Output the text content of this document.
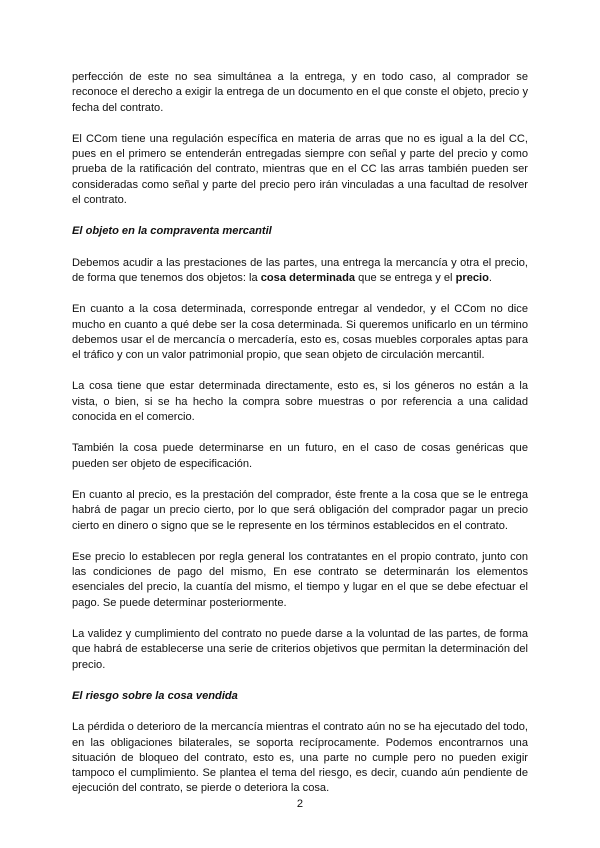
perfección de este no sea simultánea a la entrega, y en todo caso, al comprador se reconoce el derecho a exigir la entrega de un documento en el que conste el objeto, precio y fecha del contrato.

El CCom tiene una regulación específica en materia de arras que no es igual a la del CC, pues en el primero se entenderán entregadas siempre con señal y parte del precio y como prueba de la ratificación del contrato, mientras que en el CC las arras también pueden ser consideradas como señal y parte del precio pero irán vinculadas a una facultad de resolver el contrato.

El objeto en la compraventa mercantil

Debemos acudir a las prestaciones de las partes, una entrega la mercancía y otra el precio, de forma que tenemos dos objetos: la cosa determinada que se entrega y el precio.

En cuanto a la cosa determinada, corresponde entregar al vendedor, y el CCom no dice mucho en cuanto a qué debe ser la cosa determinada. Si queremos unificarlo en un término debemos usar el de mercancía o mercadería, esto es, cosas muebles corporales aptas para el tráfico y con un valor patrimonial propio, que sean objeto de circulación mercantil.

La cosa tiene que estar determinada directamente, esto es, si los géneros no están a la vista, o bien, si se ha hecho la compra sobre muestras o por referencia a una calidad conocida en el comercio.

También la cosa puede determinarse en un futuro, en el caso de cosas genéricas que pueden ser objeto de especificación.

En cuanto al precio, es la prestación del comprador, éste frente a la cosa que se le entrega habrá de pagar un precio cierto, por lo que será obligación del comprador pagar un precio cierto en dinero o signo que se le represente en los términos establecidos en el contrato.

Ese precio lo establecen por regla general los contratantes en el propio contrato, junto con las condiciones de pago del mismo, En ese contrato se determinarán los elementos esenciales del precio, la cuantía del mismo, el tiempo y lugar en el que se debe efectuar el pago. Se puede determinar posteriormente.

La validez y cumplimiento del contrato no puede darse a la voluntad de las partes, de forma que habrá de establecerse una serie de criterios objetivos que permitan la determinación del precio.

El riesgo sobre la cosa vendida

La pérdida o deterioro de la mercancía mientras el contrato aún no se ha ejecutado del todo, en las obligaciones bilaterales, se soporta recíprocamente. Podemos encontrarnos una situación de bloqueo del contrato, esto es, una parte no cumple pero no pueden exigir tampoco el cumplimiento. Se plantea el tema del riesgo, es decir, cuando aún pendiente de ejecución del contrato, se pierde o deteriora la cosa.

2
